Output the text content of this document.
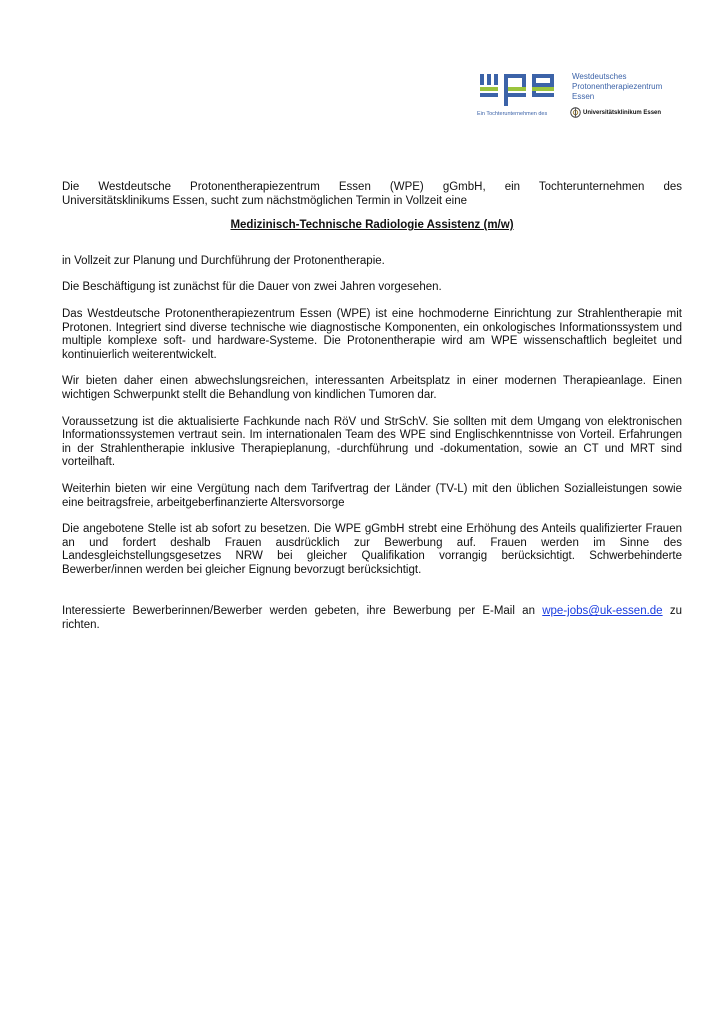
Westdeutsches
Protonentherapiezentrum
Essen
Ein Tochterunternehmen des	Universitätsklinikum Essen

Die Westdeutsche Protonentherapiezentrum Essen (WPE) gGmbH, ein Tochterunternehmen des

Universitätsklinikums Essen, sucht zum nächstmöglichen Termin in Vollzeit eine

Medizinisch-Technische Radiologie Assistenz (m/w)

in Vollzeit zur Planung und Durchführung der Protonentherapie.

Die Beschäftigung ist zunächst für die Dauer von zwei Jahren vorgesehen.

Das Westdeutsche Protonentherapiezentrum Essen (WPE) ist eine hochmoderne Einrichtung zur Strahlentherapie mit Protonen. Integriert sind diverse technische wie diagnostische Komponenten, ein onkologisches Informationssystem und multiple komplexe soft- und hardware-Systeme. Die Protonentherapie wird am WPE wissenschaftlich begleitet und kontinuierlich weiterentwickelt.

Wir bieten daher einen abwechslungsreichen, interessanten Arbeitsplatz in einer modernen Therapieanlage. Einen wichtigen Schwerpunkt stellt die Behandlung von kindlichen Tumoren dar.

Voraussetzung ist die aktualisierte Fachkunde nach RöV und StrSchV. Sie sollten mit dem Umgang von elektronischen Informationssystemen vertraut sein. Im internationalen Team des WPE sind Englischkenntnisse von Vorteil. Erfahrungen in der Strahlentherapie inklusive Therapieplanung, -durchführung und -dokumentation, sowie an CT und MRT sind vorteilhaft.

Weiterhin bieten wir eine Vergütung nach dem Tarifvertrag der Länder (TV-L) mit den üblichen Sozialleistungen sowie eine beitragsfreie, arbeitgeberfinanzierte Altersvorsorge

Die angebotene Stelle ist ab sofort zu besetzen. Die WPE gGmbH strebt eine Erhöhung des Anteils qualifizierter Frauen an und fordert deshalb Frauen ausdrücklich zur Bewerbung auf. Frauen werden im Sinne des Landesgleichstellungsgesetzes NRW bei gleicher Qualifikation vorrangig berücksichtigt. Schwerbehinderte Bewerber/innen werden bei gleicher Eignung bevorzugt berücksichtigt.

Interessierte Bewerberinnen/Bewerber werden gebeten, ihre Bewerbung per E-Mail an wpe-jobs@uk-essen.de zu richten.
